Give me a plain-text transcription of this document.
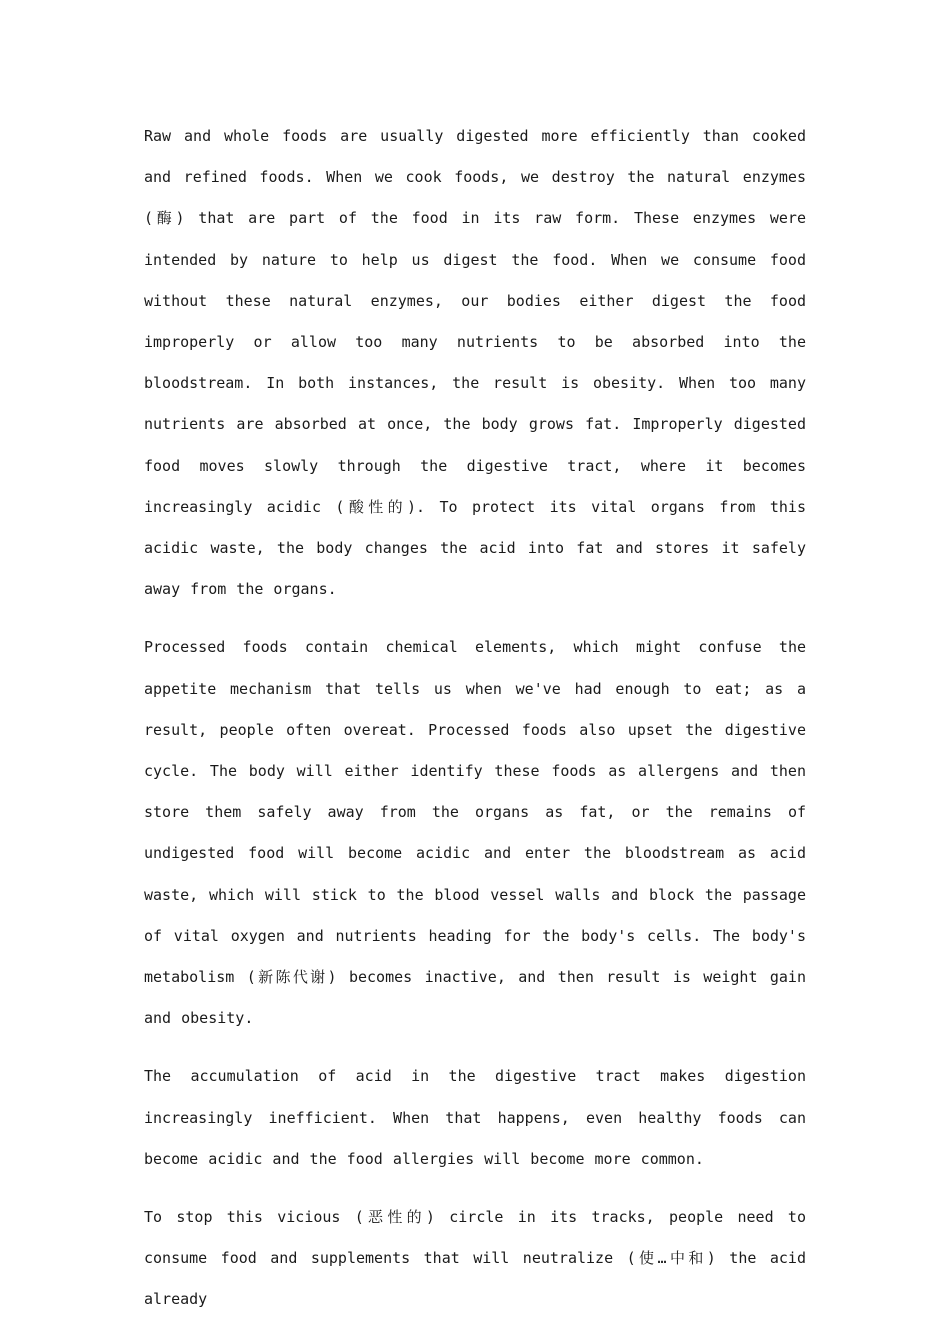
Raw and whole foods are usually digested more efficiently than cooked and refined foods. When we cook foods, we destroy the natural enzymes (酶) that are part of the food in its raw form. These enzymes were intended by nature to help us digest the food. When we consume food without these natural enzymes, our bodies either digest the food improperly or allow too many nutrients to be absorbed into the bloodstream. In both instances, the result is obesity. When too many nutrients are absorbed at once, the body grows fat. Improperly digested food moves slowly through the digestive tract, where it becomes increasingly acidic (酸性的). To protect its vital organs from this acidic waste, the body changes the acid into fat and stores it safely away from the organs.

Processed foods contain chemical elements, which might confuse the appetite mechanism that tells us when we've had enough to eat; as a result, people often overeat. Processed foods also upset the digestive cycle. The body will either identify these foods as allergens and then store them safely away from the organs as fat, or the remains of undigested food will become acidic and enter the bloodstream as acid waste, which will stick to the blood vessel walls and block the passage of vital oxygen and nutrients heading for the body's cells. The body's metabolism (新陈代谢) becomes inactive, and then result is weight gain and obesity.

The accumulation of acid in the digestive tract makes digestion increasingly inefficient. When that happens, even healthy foods can become acidic and the food allergies will become more common.

To stop this vicious (恶性的) circle in its tracks, people need to consume food and supplements that will neutralize (使…中和) the acid already
